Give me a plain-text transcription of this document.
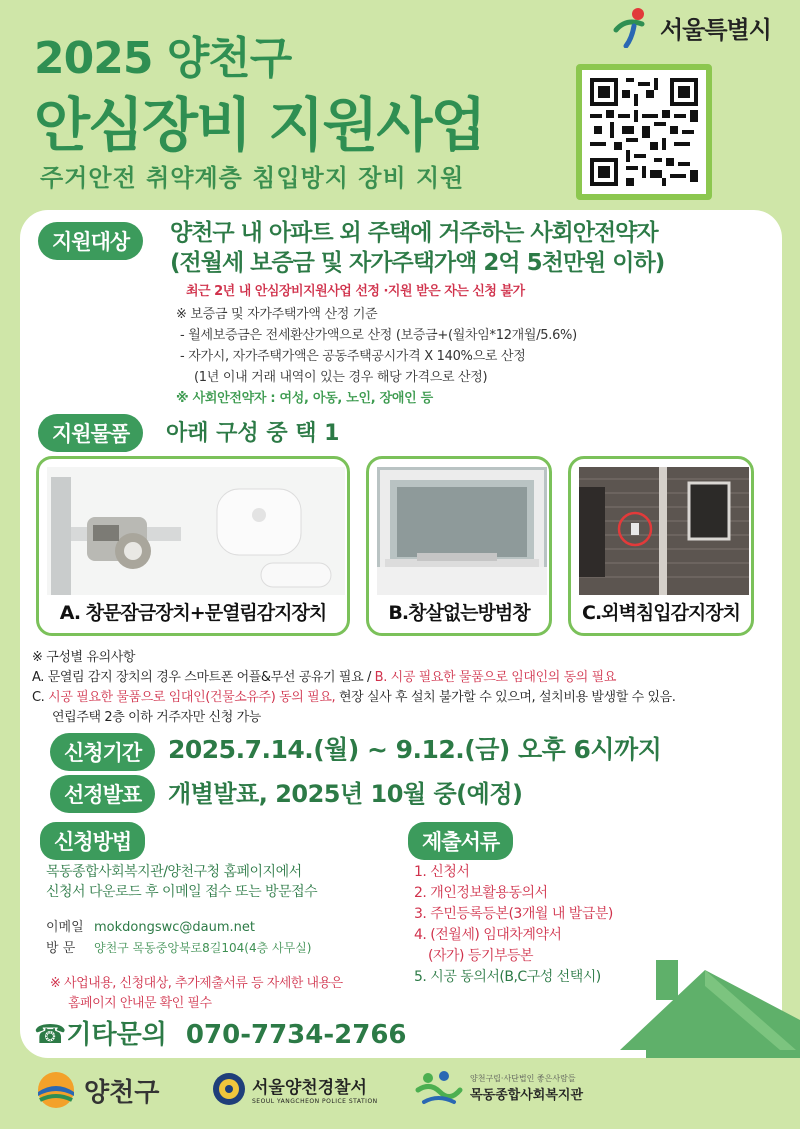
2025 양천구
안심장비 지원사업
주거안전 취약계층 침입방지 장비 지원
서울특별시
지원대상	양천구 내 아파트 외 주택에 거주하는 사회안전약자
(전월세 보증금 및 자가주택가액 2억 5천만원 이하)
최근 2년 내 안심장비지원사업 선정 ·지원 받은 자는 신청 불가
※ 보증금 및 자가주택가액 산정 기준
- 월세보증금은 전세환산가액으로 산정 (보증금+(월차임*12개월/5.6%)
- 자가시, 자가주택가액은 공동주택공시가격 X 140%으로 산정
(1년 이내 거래 내역이 있는 경우 해당 가격으로 산정)
※ 사회안전약자 : 여성, 아동, 노인, 장애인 등
지원물품	아래 구성 중 택 1
A. 창문잠금장치+문열림감지장치	B.창살없는방범창	C.외벽침입감지장치
※ 구성별 유의사항
A. 문열림 감지 장치의 경우 스마트폰 어플&무선 공유기 필요 / B. 시공 필요한 물품으로 임대인의 동의 필요
C. 시공 필요한 물품으로 임대인(건물소유주) 동의 필요, 현장 실사 후 설치 불가할 수 있으며, 설치비용 발생할 수 있음.
연립주택 2층 이하 거주자만 신청 가능
신청기간	2025.7.14.(월) ~ 9.12.(금) 오후 6시까지
선정발표	개별발표, 2025년 10월 중(예정)
신청방법
목동종합사회복지관/양천구청 홈페이지에서
신청서 다운로드 후 이메일 접수 또는 방문접수
이메일 mokdongswc@daum.net
방 문 양천구 목동중앙북로8길104(4층 사무실)
※ 사업내용, 신청대상, 추가제출서류 등 자세한 내용은
홈페이지 안내문 확인 필수
제출서류
1. 신청서
2. 개인정보활용동의서
3. 주민등록등본(3개월 내 발급분)
4. (전월세) 임대차계약서
(자가) 등기부등본
5. 시공 동의서(B,C구성 선택시)
☎기타문의 070-7734-2766
양천구	서울양천경찰서
SEOUL YANGCHEON POLICE STATION
양천구립·사단법인 좋은사람들
목동종합사회복지관
